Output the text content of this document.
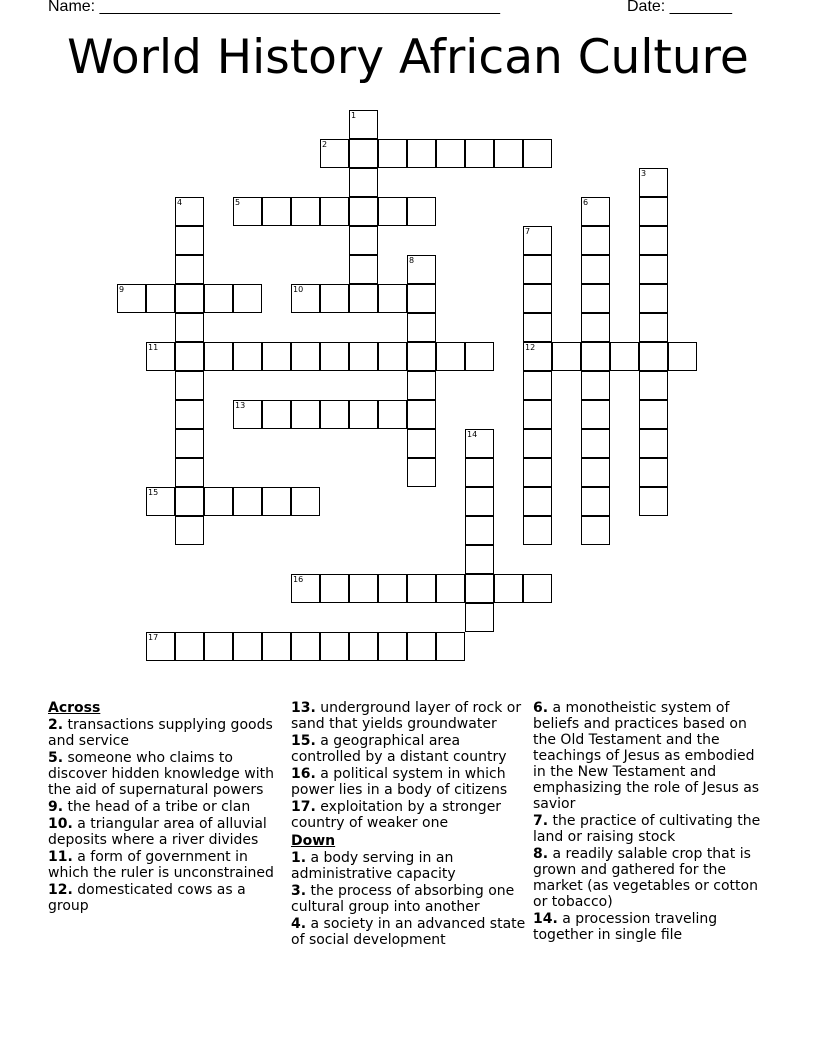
Name: _____________________________________________	Date: _______
World History African Culture
2
5
9	10
11	12
13
15
16
17
1
3
4	6
7
8
14
Across
2. transactions supplying goods and service
5. someone who claims to discover hidden knowledge with the aid of supernatural powers
9. the head of a tribe or clan
10. a triangular area of alluvial deposits where a river divides
11. a form of government in which the ruler is unconstrained
12. domesticated cows as a group
13. underground layer of rock or sand that yields groundwater
15. a geographical area controlled by a distant country
16. a political system in which power lies in a body of citizens
17. exploitation by a stronger country of weaker one
Down
1. a body serving in an administrative capacity
3. the process of absorbing one cultural group into another
4. a society in an advanced state of social development
6. a monotheistic system of beliefs and practices based on the Old Testament and the teachings of Jesus as embodied in the New Testament and emphasizing the role of Jesus as savior
7. the practice of cultivating the land or raising stock
8. a readily salable crop that is grown and gathered for the market (as vegetables or cotton or tobacco)
14. a procession traveling together in single file
